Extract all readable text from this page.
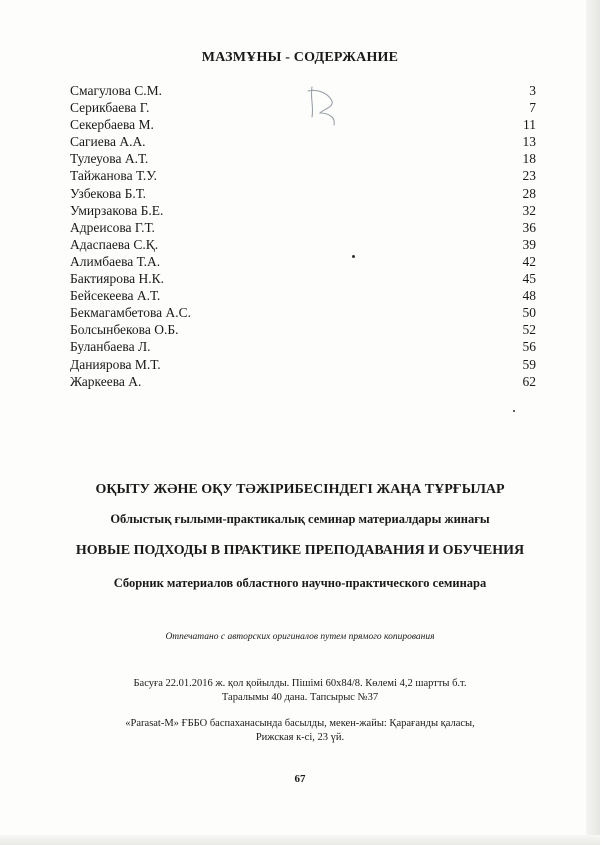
МАЗМҰНЫ - СОДЕРЖАНИЕ
Смагулова С.М.	3
Серикбаева Г.	7
Секербаева М.	11
Сагиева А.А.	13
Тулеуова А.Т.	18
Тайжанова Т.У.	23
Узбекова Б.Т.	28
Умирзакова Б.Е.	32
Адреисова Г.Т.	36
Адаспаева С.Қ.	39
Алимбаева Т.А.	42
Бактиярова Н.К.	45
Бейсекеева А.Т.	48
Бекмагамбетова А.С.	50
Болсынбекова О.Б.	52
Буланбаева Л.	56
Даниярова М.Т.	59
Жаркеева А.	62
ОҚЫТУ ЖӘНЕ ОҚУ ТӘЖІРИБЕСІНДЕГІ ЖАҢА ТҰРҒЫЛАР
Облыстық ғылыми-практикалық семинар материалдары жинағы
НОВЫЕ ПОДХОДЫ В ПРАКТИКЕ ПРЕПОДАВАНИЯ И ОБУЧЕНИЯ
Сборник материалов областного научно-практического семинара
Отпечатано с авторских оригиналов путем прямого копирования
Басуға 22.01.2016 ж. қол қойылды. Пішімі 60х84/8. Көлемі 4,2 шартты б.т.
Таралымы 40 дана. Тапсырыс №37
«Parasat-M» ҒББО баспаханасында басылды, мекен-жайы: Қарағанды қаласы,
Рижская к-сі, 23 үй.
67
